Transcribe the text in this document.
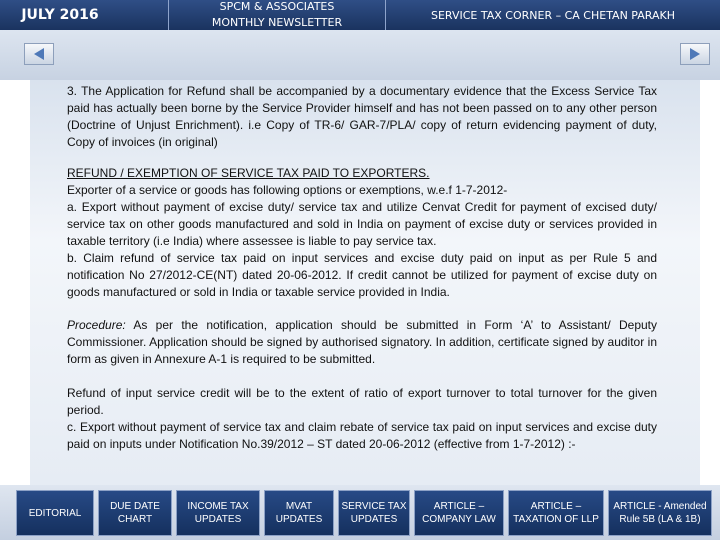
JULY 2016
SPCM & ASSOCIATES
MONTHLY NEWSLETTER
SERVICE TAX CORNER – CA CHETAN PARAKH

3. The Application for Refund shall be accompanied by a documentary evidence that the Excess Service Tax paid has actually been borne by the Service Provider himself and has not been passed on to any other person (Doctrine of Unjust Enrichment). i.e Copy of TR-6/ GAR-7/PLA/ copy of return evidencing payment of duty, Copy of invoices (in original)

REFUND / EXEMPTION OF SERVICE TAX PAID TO EXPORTERS.
Exporter of a service or goods has following options or exemptions, w.e.f 1-7-2012-
a. Export without payment of excise duty/ service tax and utilize Cenvat Credit for payment of excised duty/ service tax on other goods manufactured and sold in India on payment of excise duty or services provided in taxable territory (i.e India) where assessee is liable to pay service tax.
b. Claim refund of service tax paid on input services and excise duty paid on input as per Rule 5 and notification No 27/2012-CE(NT) dated 20-06-2012. If credit cannot be utilized for payment of excise duty on goods manufactured or sold in India or taxable service provided in India.

Procedure: As per the notification, application should be submitted in Form ‘A’ to Assistant/ Deputy Commissioner. Application should be signed by authorised signatory. In addition, certificate signed by auditor in form as given in Annexure A-1 is required to be submitted.

Refund of input service credit will be to the extent of ratio of export turnover to total turnover for the given period.
c. Export without payment of service tax and claim rebate of service tax paid on input services and excise duty paid on inputs under Notification No.39/2012 – ST dated 20-06-2012 (effective from 1-7-2012) :-
EDITORIAL
DUE DATE
CHART
INCOME TAX
UPDATES
MVAT
UPDATES
SERVICE TAX
UPDATES
ARTICLE –
COMPANY LAW
ARTICLE –
TAXATION OF LLP
ARTICLE - Amended
Rule 5B (LA & 1B)
